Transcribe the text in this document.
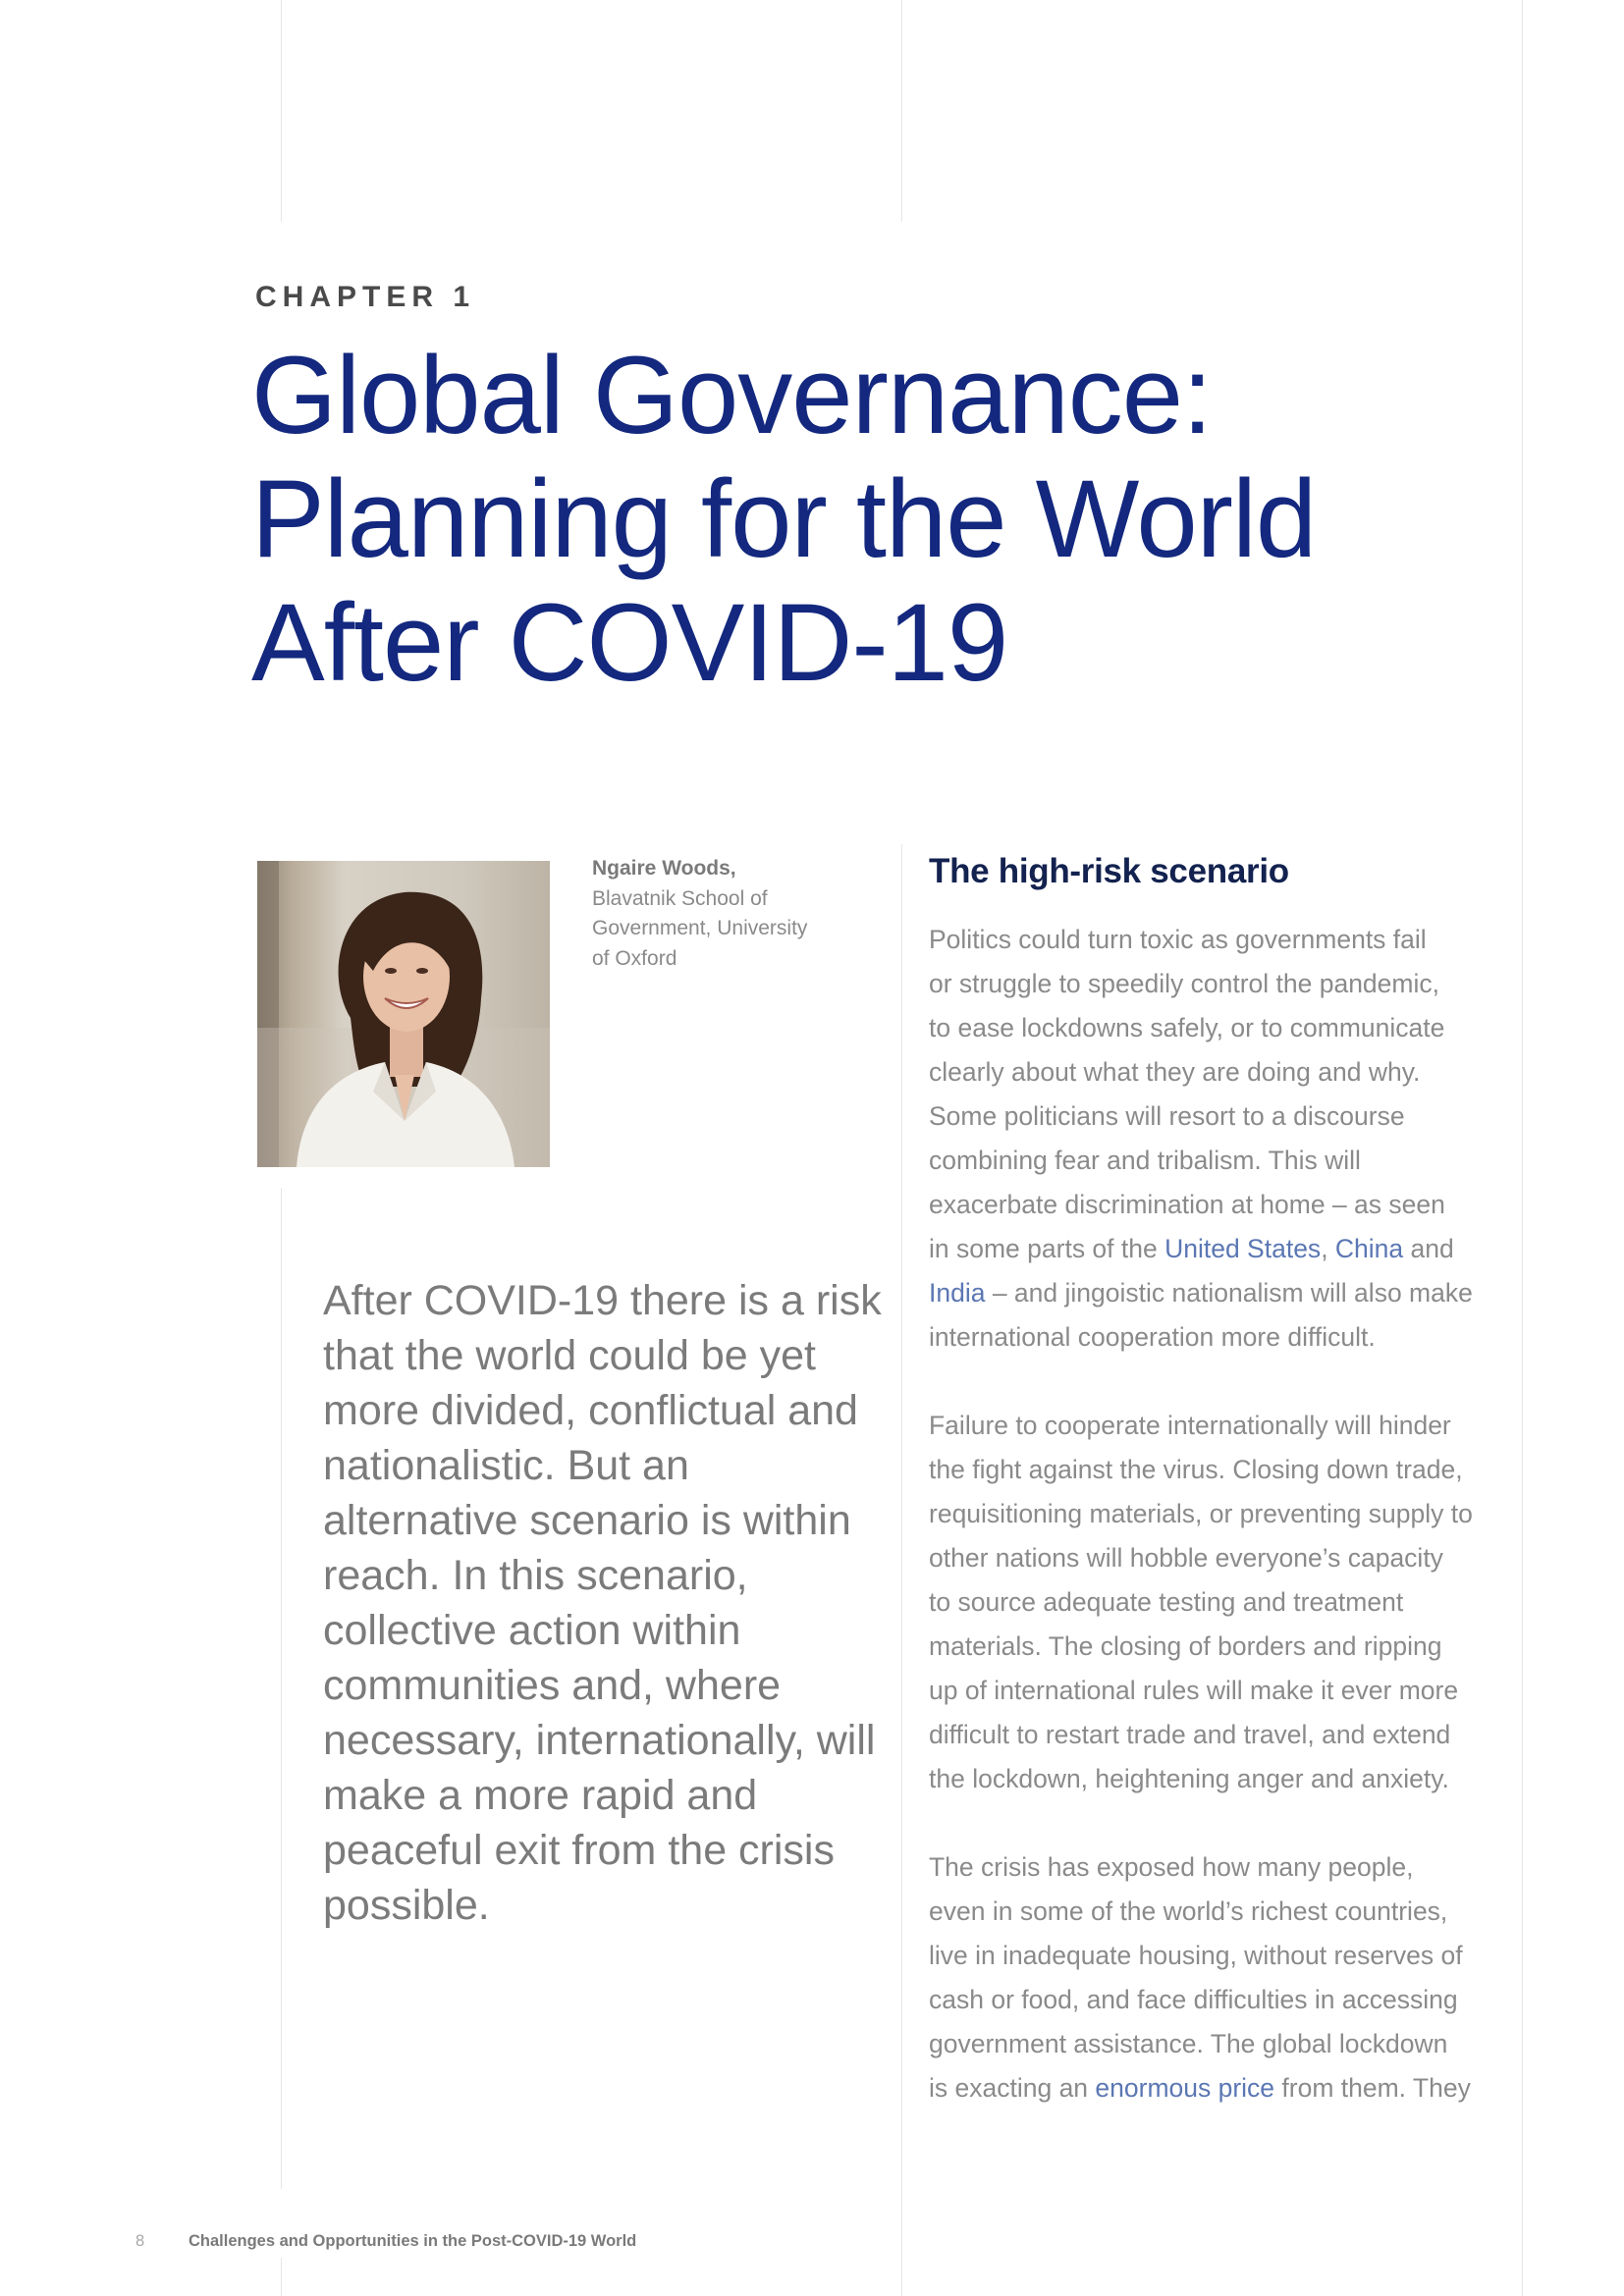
CHAPTER 1
Global Governance:
Planning for the World
After COVID-19
Ngaire Woods,
Blavatnik School of
Government, University
of Oxford

After COVID-19 there is a risk that the world could be yet more divided, conflictual and nationalistic. But an alternative scenario is within reach. In this scenario, collective action within communities and, where necessary, internationally, will make a more rapid and peaceful exit from the crisis possible.

The high-risk scenario

Politics could turn toxic as governments fail
or struggle to speedily control the pandemic,
to ease lockdowns safely, or to communicate
clearly about what they are doing and why.
Some politicians will resort to a discourse
combining fear and tribalism. This will
exacerbate discrimination at home – as seen
in some parts of the United States, China and
India – and jingoistic nationalism will also make
international cooperation more difficult.

Failure to cooperate internationally will hinder
the fight against the virus. Closing down trade,
requisitioning materials, or preventing supply to
other nations will hobble everyone’s capacity
to source adequate testing and treatment
materials. The closing of borders and ripping
up of international rules will make it ever more
difficult to restart trade and travel, and extend
the lockdown, heightening anger and anxiety.

The crisis has exposed how many people,
even in some of the world’s richest countries,
live in inadequate housing, without reserves of
cash or food, and face difficulties in accessing
government assistance. The global lockdown
is exacting an enormous price from them. They

8	Challenges and Opportunities in the Post-COVID-19 World
